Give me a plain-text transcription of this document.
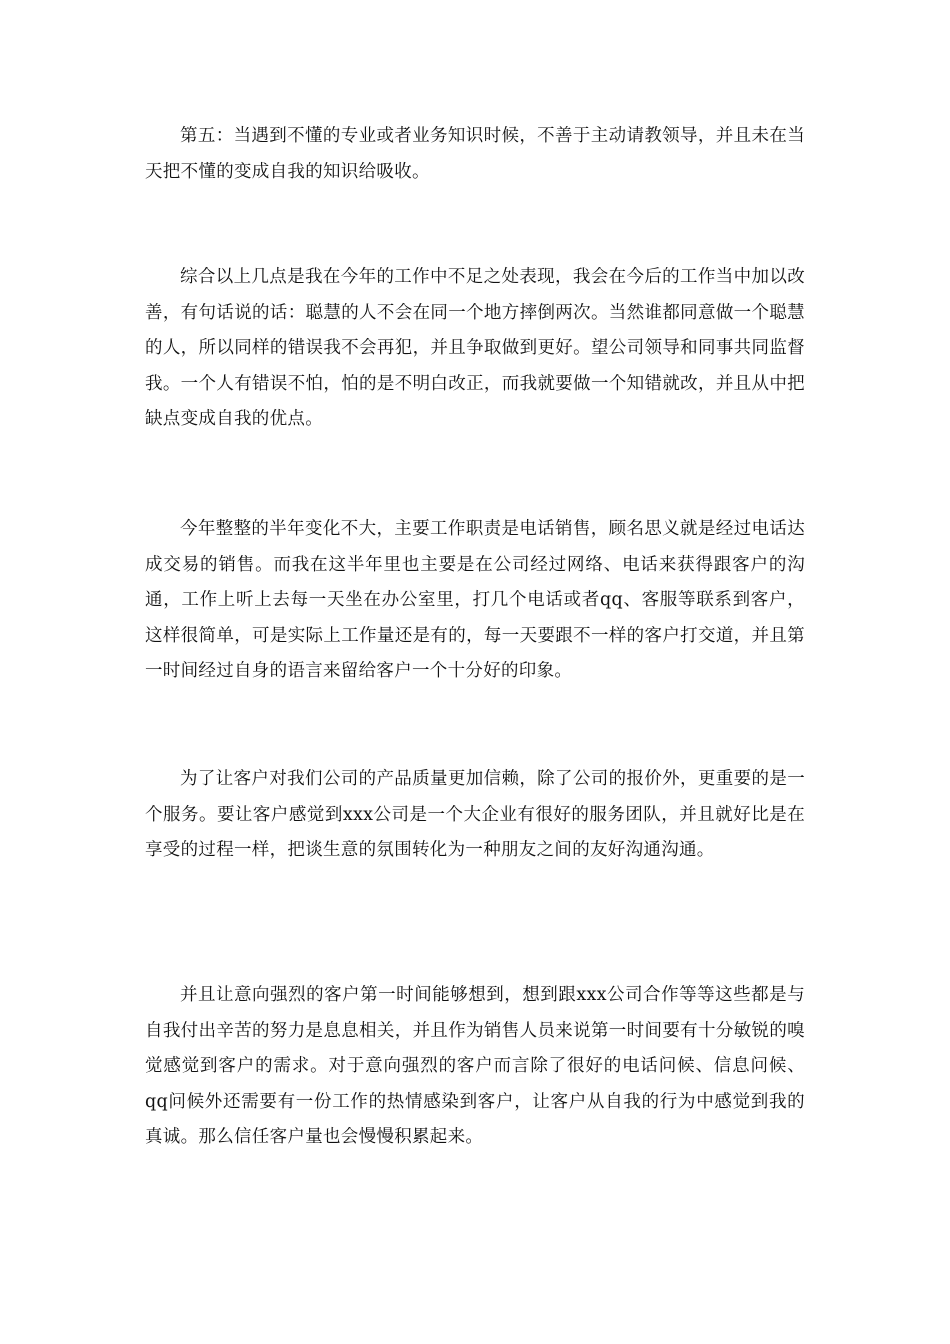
第五：当遇到不懂的专业或者业务知识时候，不善于主动请教领导，并且未在当天把不懂的变成自我的知识给吸收。

综合以上几点是我在今年的工作中不足之处表现，我会在今后的工作当中加以改善，有句话说的话：聪慧的人不会在同一个地方摔倒两次。当然谁都同意做一个聪慧的人，所以同样的错误我不会再犯，并且争取做到更好。望公司领导和同事共同监督我。一个人有错误不怕，怕的是不明白改正，而我就要做一个知错就改，并且从中把缺点变成自我的优点。

今年整整的半年变化不大，主要工作职责是电话销售，顾名思义就是经过电话达成交易的销售。而我在这半年里也主要是在公司经过网络、电话来获得跟客户的沟通，工作上听上去每一天坐在办公室里，打几个电话或者qq、客服等联系到客户，这样很简单，可是实际上工作量还是有的，每一天要跟不一样的客户打交道，并且第一时间经过自身的语言来留给客户一个十分好的印象。

为了让客户对我们公司的产品质量更加信赖，除了公司的报价外，更重要的是一个服务。要让客户感觉到xxx公司是一个大企业有很好的服务团队，并且就好比是在享受的过程一样，把谈生意的氛围转化为一种朋友之间的友好沟通沟通。

并且让意向强烈的客户第一时间能够想到，想到跟xxx公司合作等等这些都是与自我付出辛苦的努力是息息相关，并且作为销售人员来说第一时间要有十分敏锐的嗅觉感觉到客户的需求。对于意向强烈的客户而言除了很好的电话问候、信息问候、qq问候外还需要有一份工作的热情感染到客户，让客户从自我的行为中感觉到我的真诚。那么信任客户量也会慢慢积累起来。
